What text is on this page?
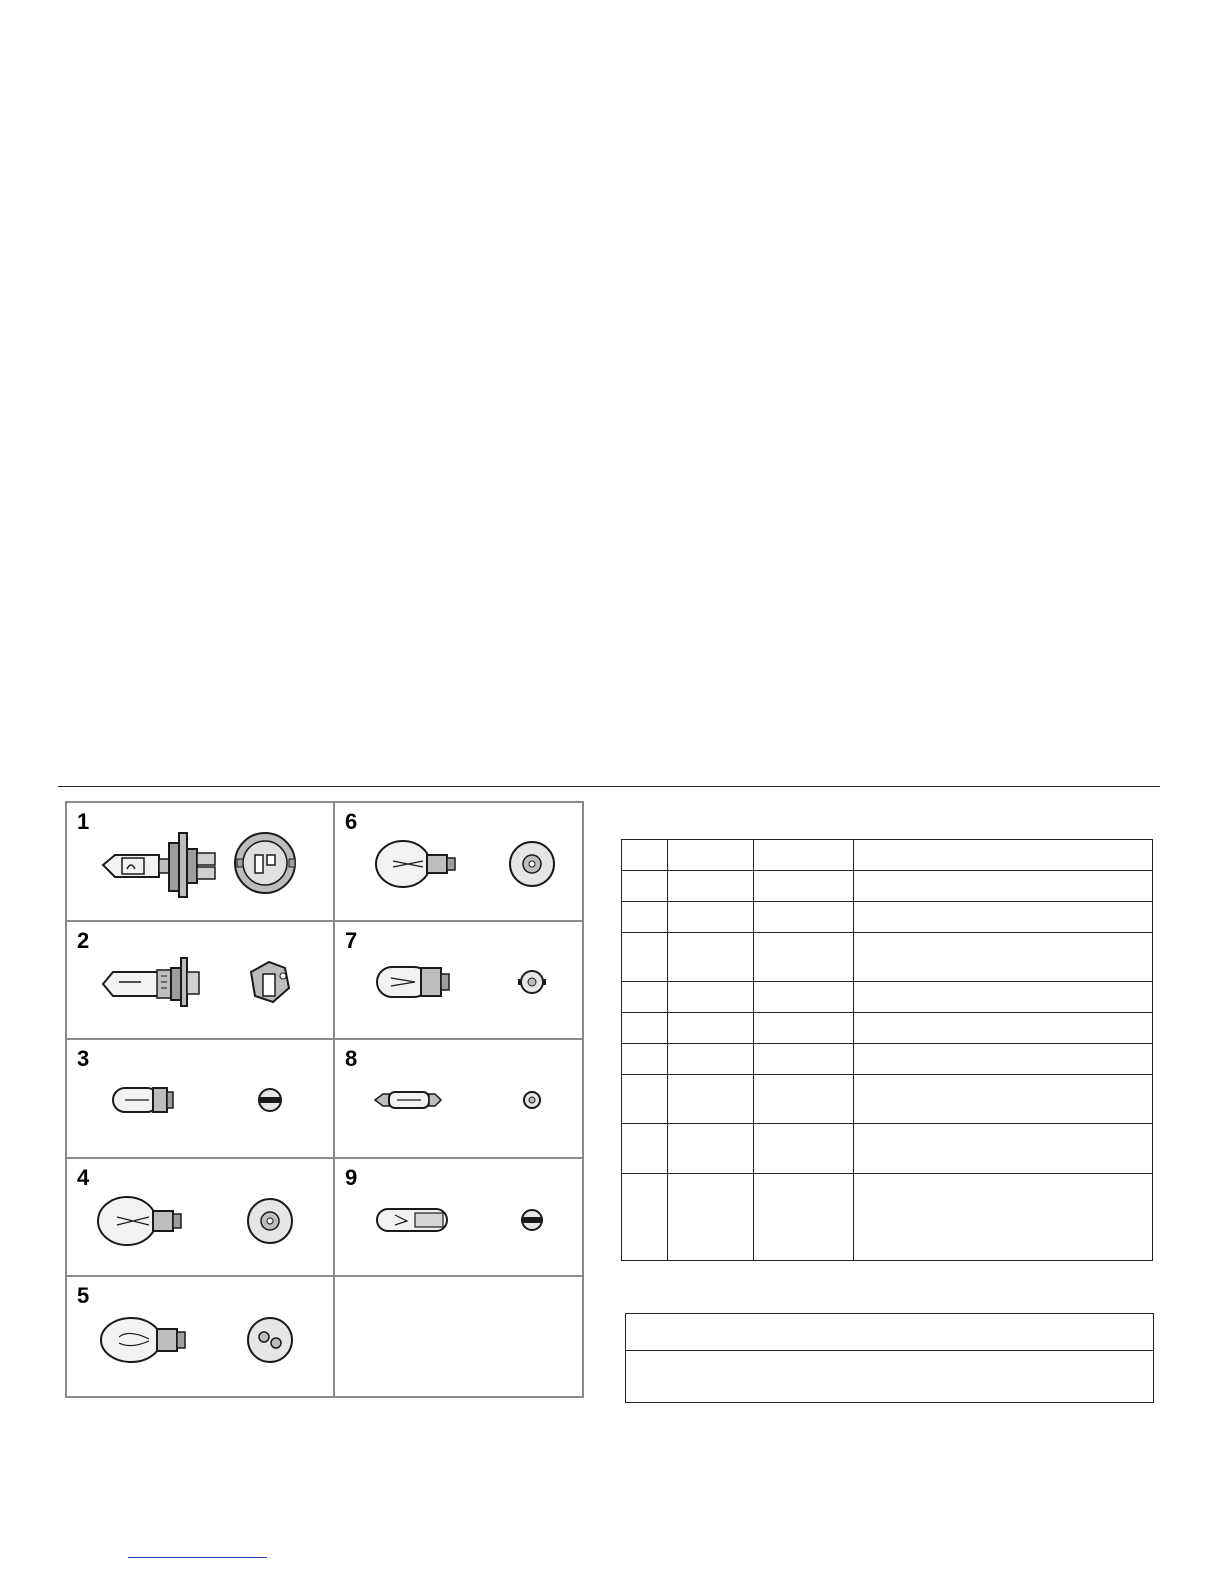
1	6
2	7
3	8
4	9
5
